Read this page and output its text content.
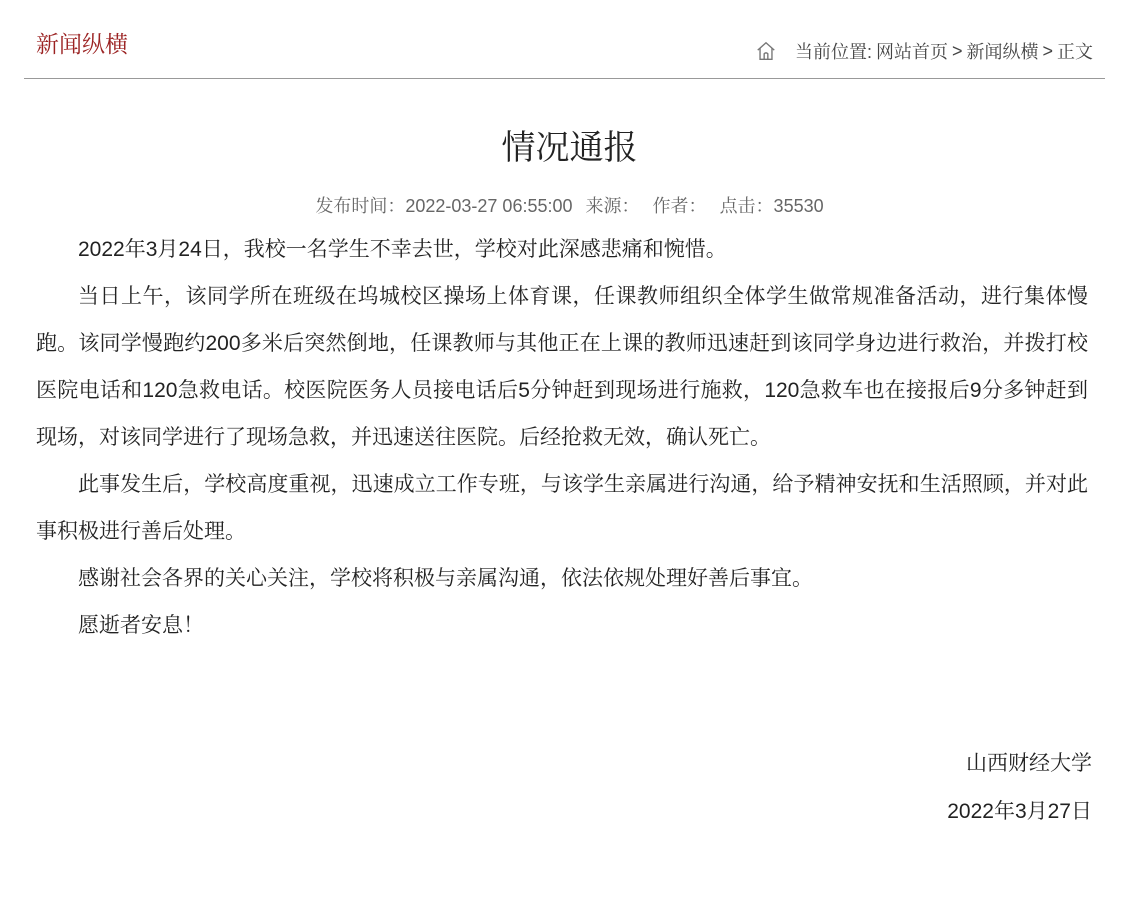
新闻纵横	当前位置: 网站首页 > 新闻纵横 > 正文
情况通报
发布时间：2022-03-27 06:55:00 来源： 作者： 点击：35530

2022年3月24日，我校一名学生不幸去世，学校对此深感悲痛和惋惜。

当日上午，该同学所在班级在坞城校区操场上体育课，任课教师组织全体学生做常规准备活动，进行集体慢跑。该同学慢跑约200多米后突然倒地，任课教师与其他正在上课的教师迅速赶到该同学身边进行救治，并拨打校医院电话和120急救电话。校医院医务人员接电话后5分钟赶到现场进行施救，120急救车也在接报后9分多钟赶到现场，对该同学进行了现场急救，并迅速送往医院。后经抢救无效，确认死亡。

此事发生后，学校高度重视，迅速成立工作专班，与该学生亲属进行沟通，给予精神安抚和生活照顾，并对此事积极进行善后处理。

感谢社会各界的关心关注，学校将积极与亲属沟通，依法依规处理好善后事宜。

愿逝者安息！

山西财经大学
2022年3月27日
